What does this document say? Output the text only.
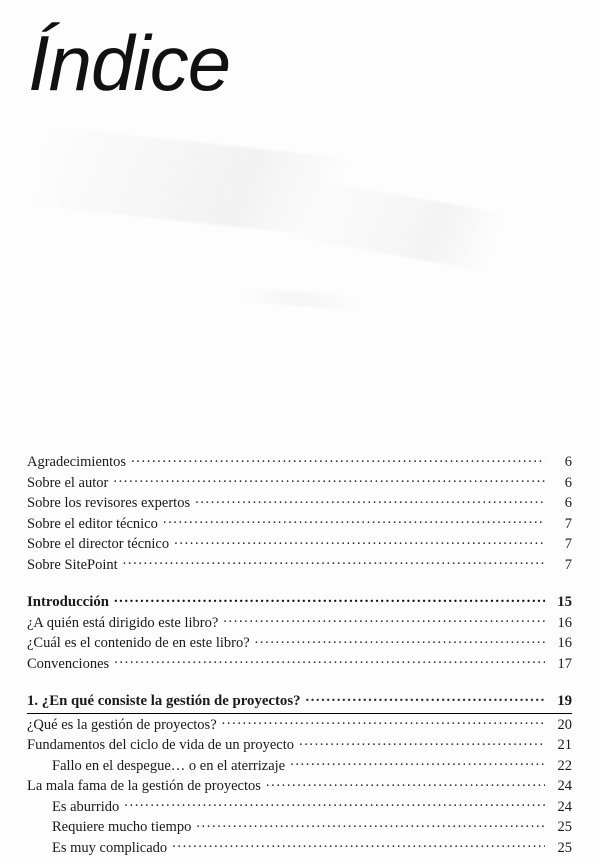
Índice
Agradecimientos .....	6
Sobre el autor .....	6
Sobre los revisores expertos .....	6
Sobre el editor técnico .....	7
Sobre el director técnico .....	7
Sobre SitePoint .....	7
Introducción .....	15
¿A quién está dirigido este libro? .....	16
¿Cuál es el contenido de en este libro? .....	16
Convenciones .....	17
1. ¿En qué consiste la gestión de proyectos? .....	19
¿Qué es la gestión de proyectos? .....	20
Fundamentos del ciclo de vida de un proyecto .....	21
Fallo en el despegue… o en el aterrizaje .....	22
La mala fama de la gestión de proyectos .....	24
Es aburrido .....	24
Requiere mucho tiempo .....	25
Es muy complicado .....	25
